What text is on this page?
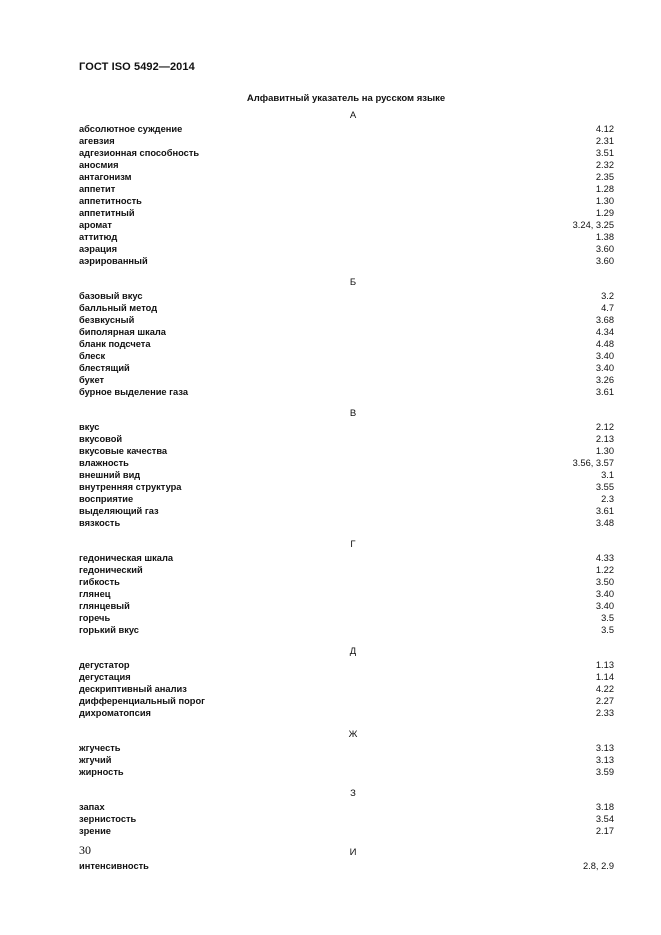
ГОСТ ISO 5492—2014
Алфавитный указатель на русском языке
А
абсолютное суждение	4.12
агевзия	2.31
адгезионная способность	3.51
аносмия	2.32
антагонизм	2.35
аппетит	1.28
аппетитность	1.30
аппетитный	1.29
аромат	3.24, 3.25
аттитюд	1.38
аэрация	3.60
аэрированный	3.60
Б
базовый вкус	3.2
балльный метод	4.7
безвкусный	3.68
биполярная шкала	4.34
бланк подсчета	4.48
блеск	3.40
блестящий	3.40
букет	3.26
бурное выделение газа	3.61
В
вкус	2.12
вкусовой	2.13
вкусовые качества	1.30
влажность	3.56, 3.57
внешний вид	3.1
внутренняя структура	3.55
восприятие	2.3
выделяющий газ	3.61
вязкость	3.48
Г
гедоническая шкала	4.33
гедонический	1.22
гибкость	3.50
глянец	3.40
глянцевый	3.40
горечь	3.5
горький вкус	3.5
Д
дегустатор	1.13
дегустация	1.14
дескриптивный анализ	4.22
дифференциальный порог	2.27
дихроматопсия	2.33
Ж
жгучесть	3.13
жгучий	3.13
жирность	3.59
З
запах	3.18
зернистость	3.54
зрение	2.17
И
интенсивность	2.8, 2.9
30
